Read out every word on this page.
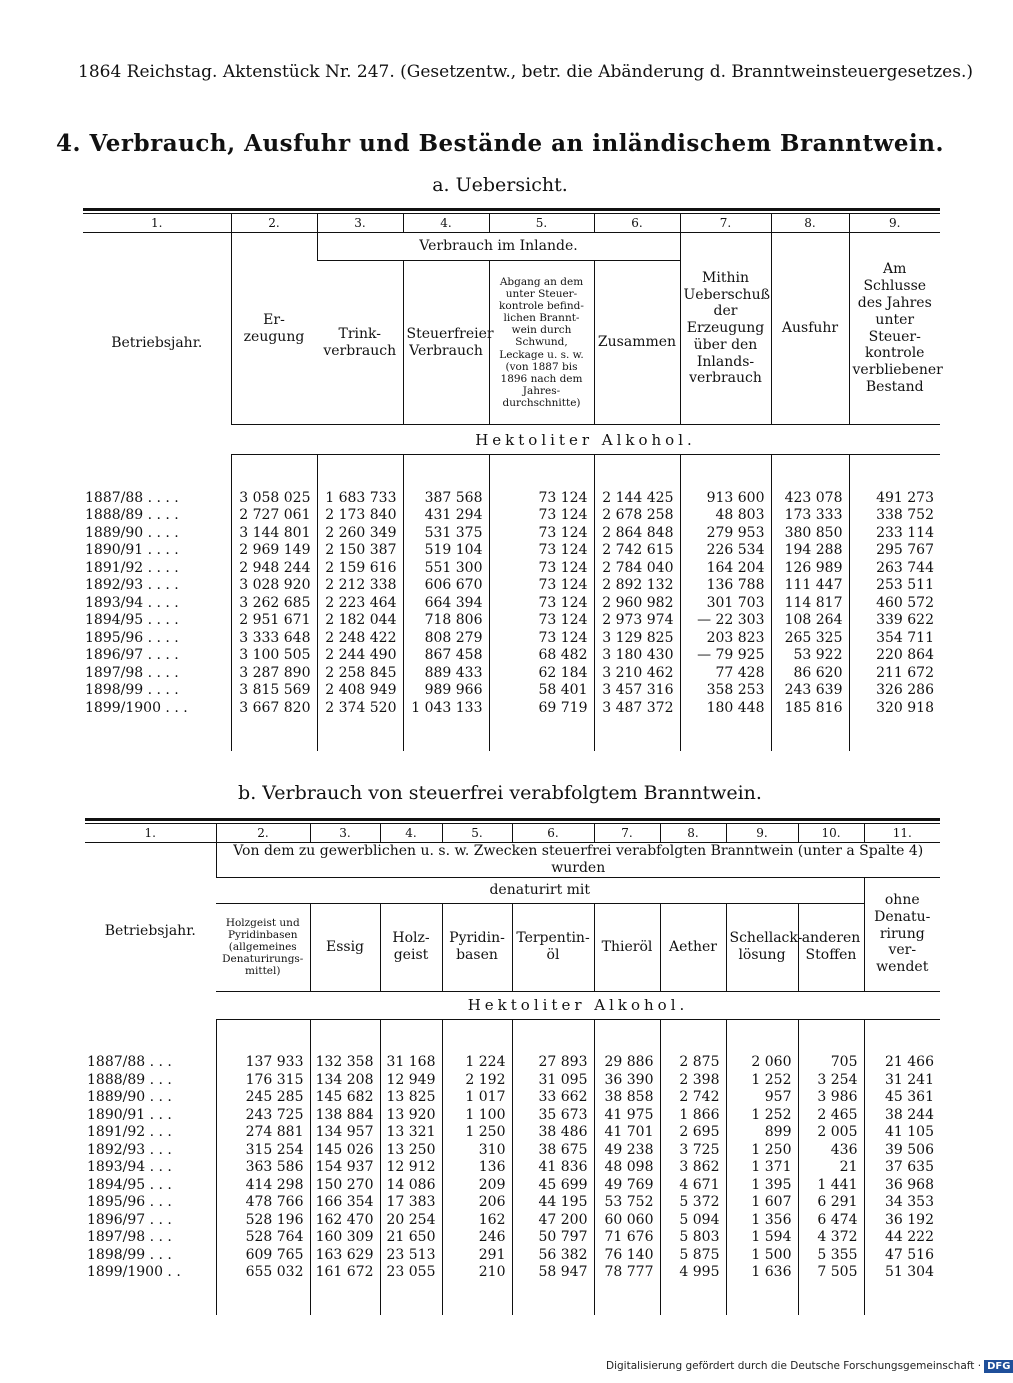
1864 Reichstag. Aktenstück Nr. 247. (Gesetzentw., betr. die Abänderung d. Branntweinsteuergesetzes.)
4. Verbrauch, Ausfuhr und Bestände an inländischem Branntwein.
a. Uebersicht.
1.	2.	3.	4.	5.	6.	7.	8.	9.
Betriebsjahr.	Er-zeugung	Verbrauch im Inlande.				Mithin Ueberschuß der Erzeugung über den Inlands-verbrauch	Ausfuhr	Am Schlusse des Jahres unter Steuer-kontrole verbliebener Bestand
		Trink-verbrauch	Steuerfreier Verbrauch	Abgang an dem unter Steuer-kontrole befind-lichen Brannt-wein durch Schwund, Leckage u. s. w. (von 1887 bis 1896 nach dem Jahres-durchschnitte)	Zusammen			
	Hektoliter Alkohol.							

1887/88 . . . .	3 058 025	1 683 733	387 568	73 124	2 144 425	913 600	423 078	491 273
1888/89 . . . .	2 727 061	2 173 840	431 294	73 124	2 678 258	48 803	173 333	338 752
1889/90 . . . .	3 144 801	2 260 349	531 375	73 124	2 864 848	279 953	380 850	233 114
1890/91 . . . .	2 969 149	2 150 387	519 104	73 124	2 742 615	226 534	194 288	295 767
1891/92 . . . .	2 948 244	2 159 616	551 300	73 124	2 784 040	164 204	126 989	263 744
1892/93 . . . .	3 028 920	2 212 338	606 670	73 124	2 892 132	136 788	111 447	253 511
1893/94 . . . .	3 262 685	2 223 464	664 394	73 124	2 960 982	301 703	114 817	460 572
1894/95 . . . .	2 951 671	2 182 044	718 806	73 124	2 973 974	— 22 303	108 264	339 622
1895/96 . . . .	3 333 648	2 248 422	808 279	73 124	3 129 825	203 823	265 325	354 711
1896/97 . . . .	3 100 505	2 244 490	867 458	68 482	3 180 430	— 79 925	53 922	220 864
1897/98 . . . .	3 287 890	2 258 845	889 433	62 184	3 210 462	77 428	86 620	211 672
1898/99 . . . .	3 815 569	2 408 949	989 966	58 401	3 457 316	358 253	243 639	326 286
1899/1900 . . .	3 667 820	2 374 520	1 043 133	69 719	3 487 372	180 448	185 816	320 918

b. Verbrauch von steuerfrei verabfolgtem Branntwein.
1.	2.	3.	4.	5.	6.	7.	8.	9.	10.	11.
Betriebsjahr.	Von dem zu gewerblichen u. s. w. Zwecken steuerfrei verabfolgten Branntwein (unter a Spalte 4) wurden									
	denaturirt mit									ohne Denatu-rirung ver-wendet
	Holzgeist und Pyridinbasen (allgemeines Denaturirungs-mittel)	Essig	Holz-geist	Pyridin-basen	Terpentin-öl	Thieröl	Aether	Schellack-lösung	anderen Stoffen	
	Hektoliter Alkohol.									

1887/88 . . .	137 933	132 358	31 168	1 224	27 893	29 886	2 875	2 060	705	21 466
1888/89 . . .	176 315	134 208	12 949	2 192	31 095	36 390	2 398	1 252	3 254	31 241
1889/90 . . .	245 285	145 682	13 825	1 017	33 662	38 858	2 742	957	3 986	45 361
1890/91 . . .	243 725	138 884	13 920	1 100	35 673	41 975	1 866	1 252	2 465	38 244
1891/92 . . .	274 881	134 957	13 321	1 250	38 486	41 701	2 695	899	2 005	41 105
1892/93 . . .	315 254	145 026	13 250	310	38 675	49 238	3 725	1 250	436	39 506
1893/94 . . .	363 586	154 937	12 912	136	41 836	48 098	3 862	1 371	21	37 635
1894/95 . . .	414 298	150 270	14 086	209	45 699	49 769	4 671	1 395	1 441	36 968
1895/96 . . .	478 766	166 354	17 383	206	44 195	53 752	5 372	1 607	6 291	34 353
1896/97 . . .	528 196	162 470	20 254	162	47 200	60 060	5 094	1 356	6 474	36 192
1897/98 . . .	528 764	160 309	21 650	246	50 797	71 676	5 803	1 594	4 372	44 222
1898/99 . . .	609 765	163 629	23 513	291	56 382	76 140	5 875	1 500	5 355	47 516
1899/1900 . .	655 032	161 672	23 055	210	58 947	78 777	4 995	1 636	7 505	51 304

Digitalisierung gefördert durch die Deutsche Forschungsgemeinschaft · DFG
